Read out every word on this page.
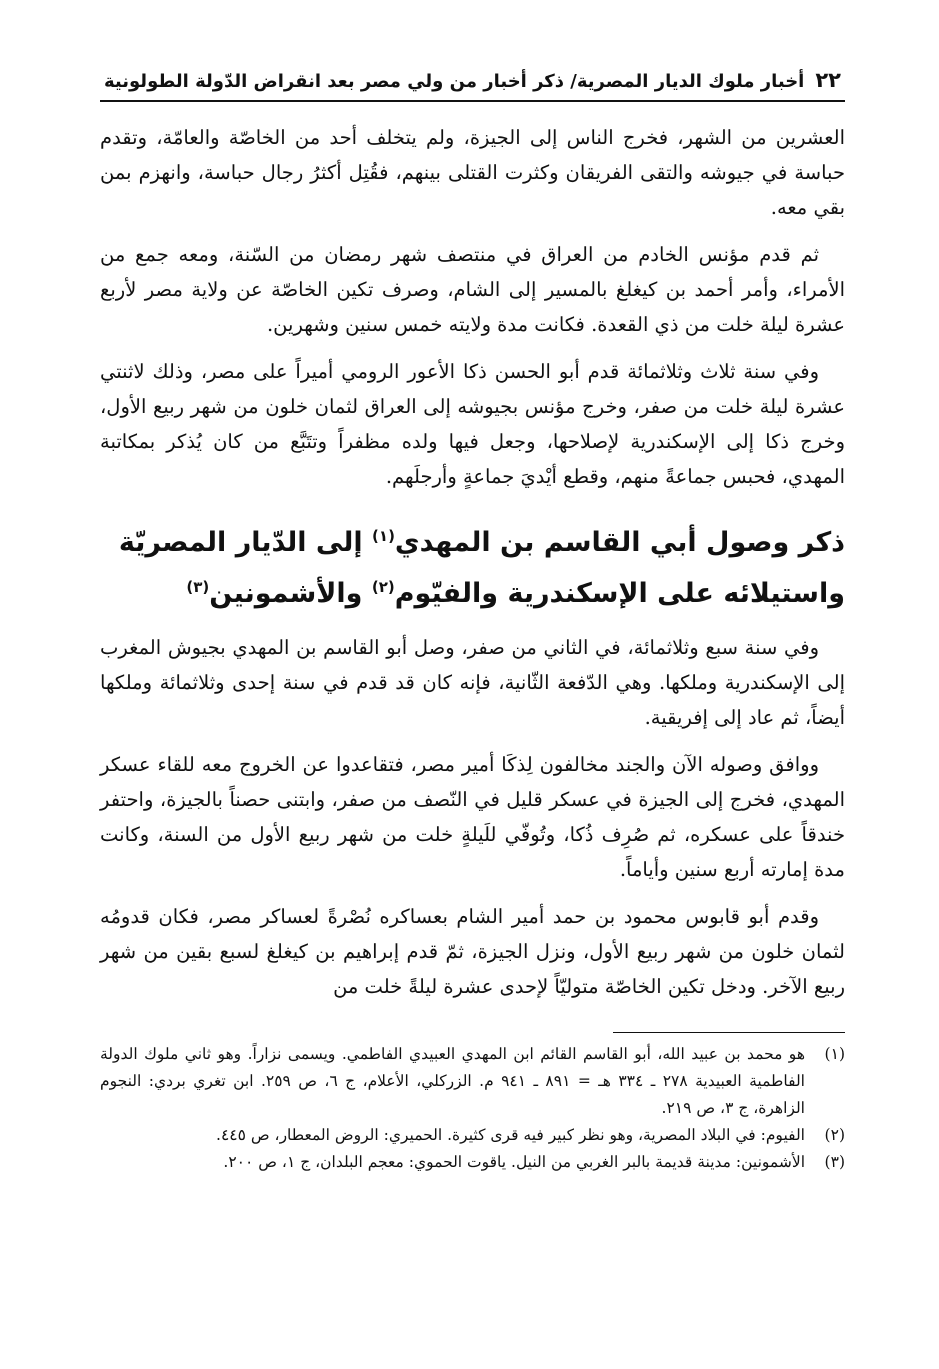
٢٢
أخبار ملوك الديار المصرية/ ذكر أخبار من ولي مصر بعد انقراض الدّولة الطولونية

العشرين من الشهر، فخرج الناس إلى الجيزة، ولم يتخلف أحد من الخاصّة والعامّة، وتقدم حباسة في جيوشه والتقى الفريقان وكثرت القتلى بينهم، فقُتِل أكثرُ رجال حباسة، وانهزم بمن بقي معه.

ثم قدم مؤنس الخادم من العراق في منتصف شهر رمضان من السّنة، ومعه جمع من الأمراء، وأمر أحمد بن كيغلغ بالمسير إلى الشام، وصرف تكين الخاصّة عن ولاية مصر لأربع عشرة ليلة خلت من ذي القعدة. فكانت مدة ولايته خمس سنين وشهرين.

وفي سنة ثلاث وثلاثمائة قدم أبو الحسن ذكا الأعور الرومي أميراً على مصر، وذلك لاثنتي عشرة ليلة خلت من صفر، وخرج مؤنس بجيوشه إلى العراق لثمان خلون من شهر ربيع الأول، وخرج ذكا إلى الإسكندرية لإصلاحها، وجعل فيها ولده مظفراً وتتَبَّع من كان يُذكر بمكاتبة المهدي، فحبس جماعةً منهم، وقطع أيْديَ جماعةٍ وأرجلَهم.

ذكر وصول أبي القاسم بن المهدي$^{(١)}$ إلى الدّيار المصريّة
واستيلائه على الإسكندرية والفيّوم$^{(٢)}$ والأشمونين$^{(٣)}$

وفي سنة سبع وثلاثمائة، في الثاني من صفر، وصل أبو القاسم بن المهدي بجيوش المغرب إلى الإسكندرية وملكها. وهي الدّفعة الثّانية، فإنه كان قد قدم في سنة إحدى وثلاثمائة وملكها أيضاً، ثم عاد إلى إفريقية.

ووافق وصوله الآن والجند مخالفون لِذكَا أمير مصر، فتقاعدوا عن الخروج معه للقاء عسكر المهدي، فخرج إلى الجيزة في عسكر قليل في النّصف من صفر، وابتنى حصناً بالجيزة، واحتفر خندقاً على عسكره، ثم صُرِف ذُكا، وتُوفّي للَيلةٍ خلت من شهر ربيع الأول من السنة، وكانت مدة إمارته أربع سنين وأياماً.

وقدم أبو قابوس محمود بن حمد أمير الشام بعساكره نُصْرةً لعساكر مصر، فكان قدومُه لثمان خلون من شهر ربيع الأول، ونزل الجيزة، ثمّ قدم إبراهيم بن كيغلغ لسبع بقين من شهر ربيع الآخر. ودخل تكين الخاصّة متوليّاً لإحدى عشرة ليلةً خلت من

(١)
هو محمد بن عبيد الله، أبو القاسم القائم ابن المهدي العبيدي الفاطمي. ويسمى نزاراً. وهو ثاني ملوك الدولة الفاطمية العبيدية ٢٧٨ ـ ٣٣٤ هـ = ٨٩١ ـ ٩٤١ م. الزركلي، الأعلام، ج ٦، ص ٢٥٩. ابن تغري بردي: النجوم الزاهرة، ج ٣، ص ٢١٩.
(٢)
الفيوم: في البلاد المصرية، وهو نظر كبير فيه قرى كثيرة. الحميري: الروض المعطار، ص ٤٤٥.
(٣)
الأشمونين: مدينة قديمة بالبر الغربي من النيل. ياقوت الحموي: معجم البلدان، ج ١، ص ٢٠٠.
